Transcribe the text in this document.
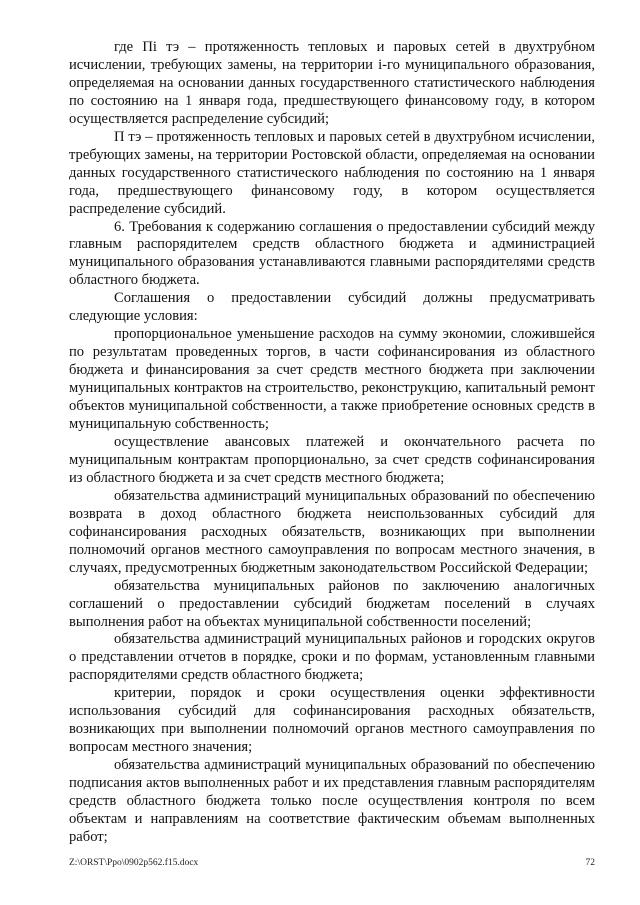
где Пi тэ – протяженность тепловых и паровых сетей в двухтрубном исчислении, требующих замены, на территории i-го муниципального образования, определяемая на основании данных государственного статистического наблюдения по состоянию на 1 января года, предшествующего финансовому году, в котором осуществляется распределение субсидий;

П тэ – протяженность тепловых и паровых сетей в двухтрубном исчислении, требующих замены, на территории Ростовской области, определяемая на основании данных государственного статистического наблюдения по состоянию на 1 января года, предшествующего финансовому году, в котором осуществляется распределение субсидий.

6. Требования к содержанию соглашения о предоставлении субсидий между главным распорядителем средств областного бюджета и администрацией муниципального образования устанавливаются главными распорядителями средств областного бюджета.

Соглашения о предоставлении субсидий должны предусматривать следующие условия:

пропорциональное уменьшение расходов на сумму экономии, сложившейся по результатам проведенных торгов, в части софинансирования из областного бюджета и финансирования за счет средств местного бюджета при заключении муниципальных контрактов на строительство, реконструкцию, капитальный ремонт объектов муниципальной собственности, а также приобретение основных средств в муниципальную собственность;

осуществление авансовых платежей и окончательного расчета по муниципальным контрактам пропорционально, за счет средств софинансирования из областного бюджета и за счет средств местного бюджета;

обязательства администраций муниципальных образований по обеспечению возврата в доход областного бюджета неиспользованных субсидий для софинансирования расходных обязательств, возникающих при выполнении полномочий органов местного самоуправления по вопросам местного значения, в случаях, предусмотренных бюджетным законодательством Российской Федерации;

обязательства муниципальных районов по заключению аналогичных соглашений о предоставлении субсидий бюджетам поселений в случаях выполнения работ на объектах муниципальной собственности поселений;

обязательства администраций муниципальных районов и городских округов о представлении отчетов в порядке, сроки и по формам, установленным главными распорядителями средств областного бюджета;

критерии, порядок и сроки осуществления оценки эффективности использования субсидий для софинансирования расходных обязательств, возникающих при выполнении полномочий органов местного самоуправления по вопросам местного значения;

обязательства администраций муниципальных образований по обеспечению подписания актов выполненных работ и их представления главным распорядителям средств областного бюджета только после осуществления контроля по всем объектам и направлениям на соответствие фактическим объемам выполненных работ;

Z:\ORST\Ppo\0902p562.f15.docx	72
